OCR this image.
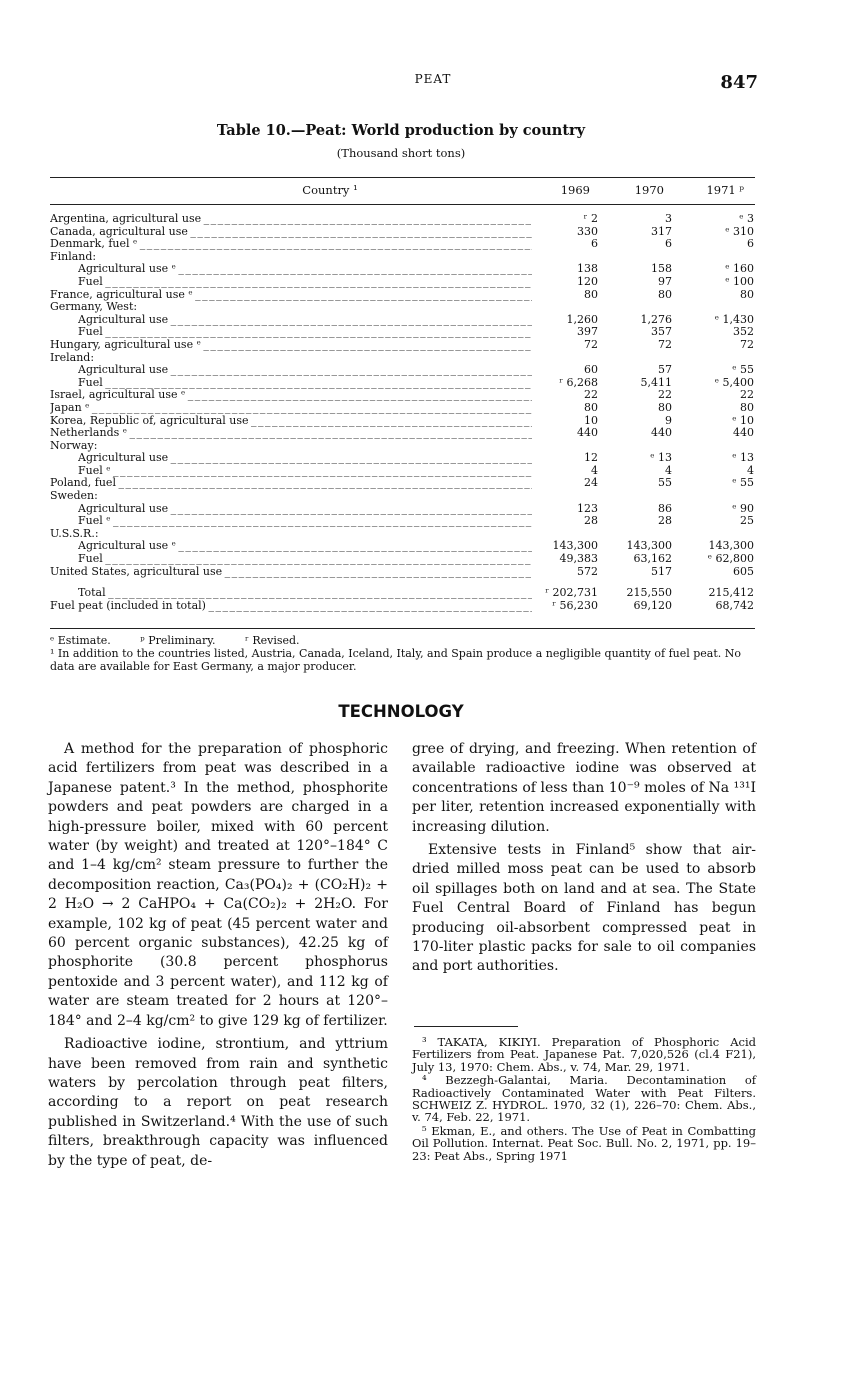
PEAT	847
Table 10.—Peat: World production by country
(Thousand short tons)
Country ¹	1969	1970	1971 ᵖ
Argentina, agricultural use _ _ _	ʳ 2	3	ᵉ 3
Canada, agricultural use _ _ _	330	317	ᵉ 310
Denmark, fuel ᵉ _ _ _	6	6	6
Finland:
Agricultural use ᵉ _ _ _	138	158	ᵉ 160
Fuel _ _ _	120	97	ᵉ 100
France, agricultural use ᵉ _ _ _	80	80	80
Germany, West:
Agricultural use _ _ _	1,260	1,276	ᵉ 1,430
Fuel _ _ _	397	357	352
Hungary, agricultural use ᵉ _ _ _	72	72	72
Ireland:
Agricultural use _ _ _	60	57	ᵉ 55
Fuel _ _ _	ʳ 6,268	5,411	ᵉ 5,400
Israel, agricultural use ᵉ _ _ _	22	22	22
Japan ᵉ _ _ _	80	80	80
Korea, Republic of, agricultural use _ _ _	10	9	ᵉ 10
Netherlands ᵉ _ _ _	440	440	440
Norway:
Agricultural use _ _ _	12	ᵉ 13	ᵉ 13
Fuel ᵉ _ _ _	4	4	4
Poland, fuel _ _ _	24	55	ᵉ 55
Sweden:
Agricultural use _ _ _	123	86	ᵉ 90
Fuel ᵉ _ _ _	28	28	25
U.S.S.R.:
Agricultural use ᵉ _ _ _	143,300	143,300	143,300
Fuel _ _ _	49,383	63,162	ᵉ 62,800
United States, agricultural use _ _ _	572	517	605
Total _ _ _	ʳ 202,731	215,550	215,412
Fuel peat (included in total) _ _ _	ʳ 56,230	69,120	68,742
ᵉ Estimate.	ᵖ Preliminary.	ʳ Revised.
¹ In addition to the countries listed, Austria, Canada, Iceland, Italy, and Spain produce a negligible quantity of fuel peat. No data are available for East Germany, a major producer.
TECHNOLOGY

A method for the preparation of phosphoric acid fertilizers from peat was described in a Japanese patent.³ In the method, phosphorite powders and peat powders are charged in a high-pressure boiler, mixed with 60 percent water (by weight) and treated at 120°–184° C and 1–4 kg/cm² steam pressure to further the decomposition reaction, Ca₃(PO₄)₂ + (CO₂H)₂ + 2 H₂O → 2 CaHPO₄ + Ca(CO₂)₂ + 2H₂O. For example, 102 kg of peat (45 percent water and 60 percent organic substances), 42.25 kg of phosphorite (30.8 percent phosphorus pentoxide and 3 percent water), and 112 kg of water are steam treated for 2 hours at 120°–184° and 2–4 kg/cm² to give 129 kg of fertilizer.

Radioactive iodine, strontium, and yttrium have been removed from rain and synthetic waters by percolation through peat filters, according to a report on peat research published in Switzerland.⁴ With the use of such filters, breakthrough capacity was influenced by the type of peat, de-

gree of drying, and freezing. When retention of available radioactive iodine was observed at concentrations of less than 10⁻⁹ moles of Na ¹³¹I per liter, retention increased exponentially with increasing dilution.

Extensive tests in Finland⁵ show that air-dried milled moss peat can be used to absorb oil spillages both on land and at sea. The State Fuel Central Board of Finland has begun producing oil-absorbent compressed peat in 170-liter plastic packs for sale to oil companies and port authorities.

³ TAKATA, KIKIYI. Preparation of Phosphoric Acid Fertilizers from Peat. Japanese Pat. 7,020,526 (cl.4 F21), July 13, 1970: Chem. Abs., v. 74, Mar. 29, 1971.

⁴ Bezzegh-Galantai, Maria. Decontamination of Radioactively Contaminated Water with Peat Filters. SCHWEIZ Z. HYDROL. 1970, 32 (1), 226–70: Chem. Abs., v. 74, Feb. 22, 1971.

⁵ Ekman, E., and others. The Use of Peat in Combatting Oil Pollution. Internat. Peat Soc. Bull. No. 2, 1971, pp. 19–23: Peat Abs., Spring 1971
